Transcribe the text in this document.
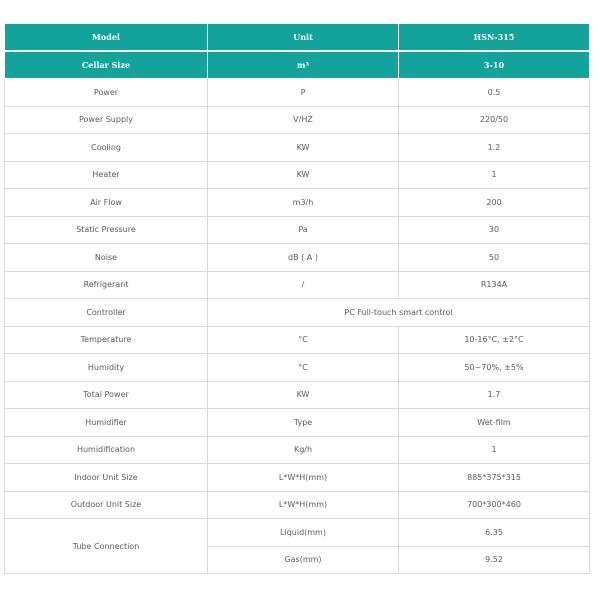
Model	Unit	HSN-315
Cellar Size	m³	3-10
Power	P	0.5
Power Supply	V/HZ	220/50
Cooling	KW	1.2
Heater	KW	1
Air Flow	m3/h	200
Static Pressure	Pa	30
Noise	dB ( A )	50
Refrigerant	/	R134A
Controller	PC Full-touch smart control	
Temperature	°C	10-16°C, ±2°C
Humidity	°C	50~70%, ±5%
Total Power	KW	1.7
Humidifier	Type	Wet-film
Humidification	Kg/h	1
Indoor Unit Size	L*W*H(mm)	885*375*315
Outdoor Unit Size	L*W*H(mm)	700*300*460
Tube Connection	Liquid(mm)	6.35
	Gas(mm)	9.52
